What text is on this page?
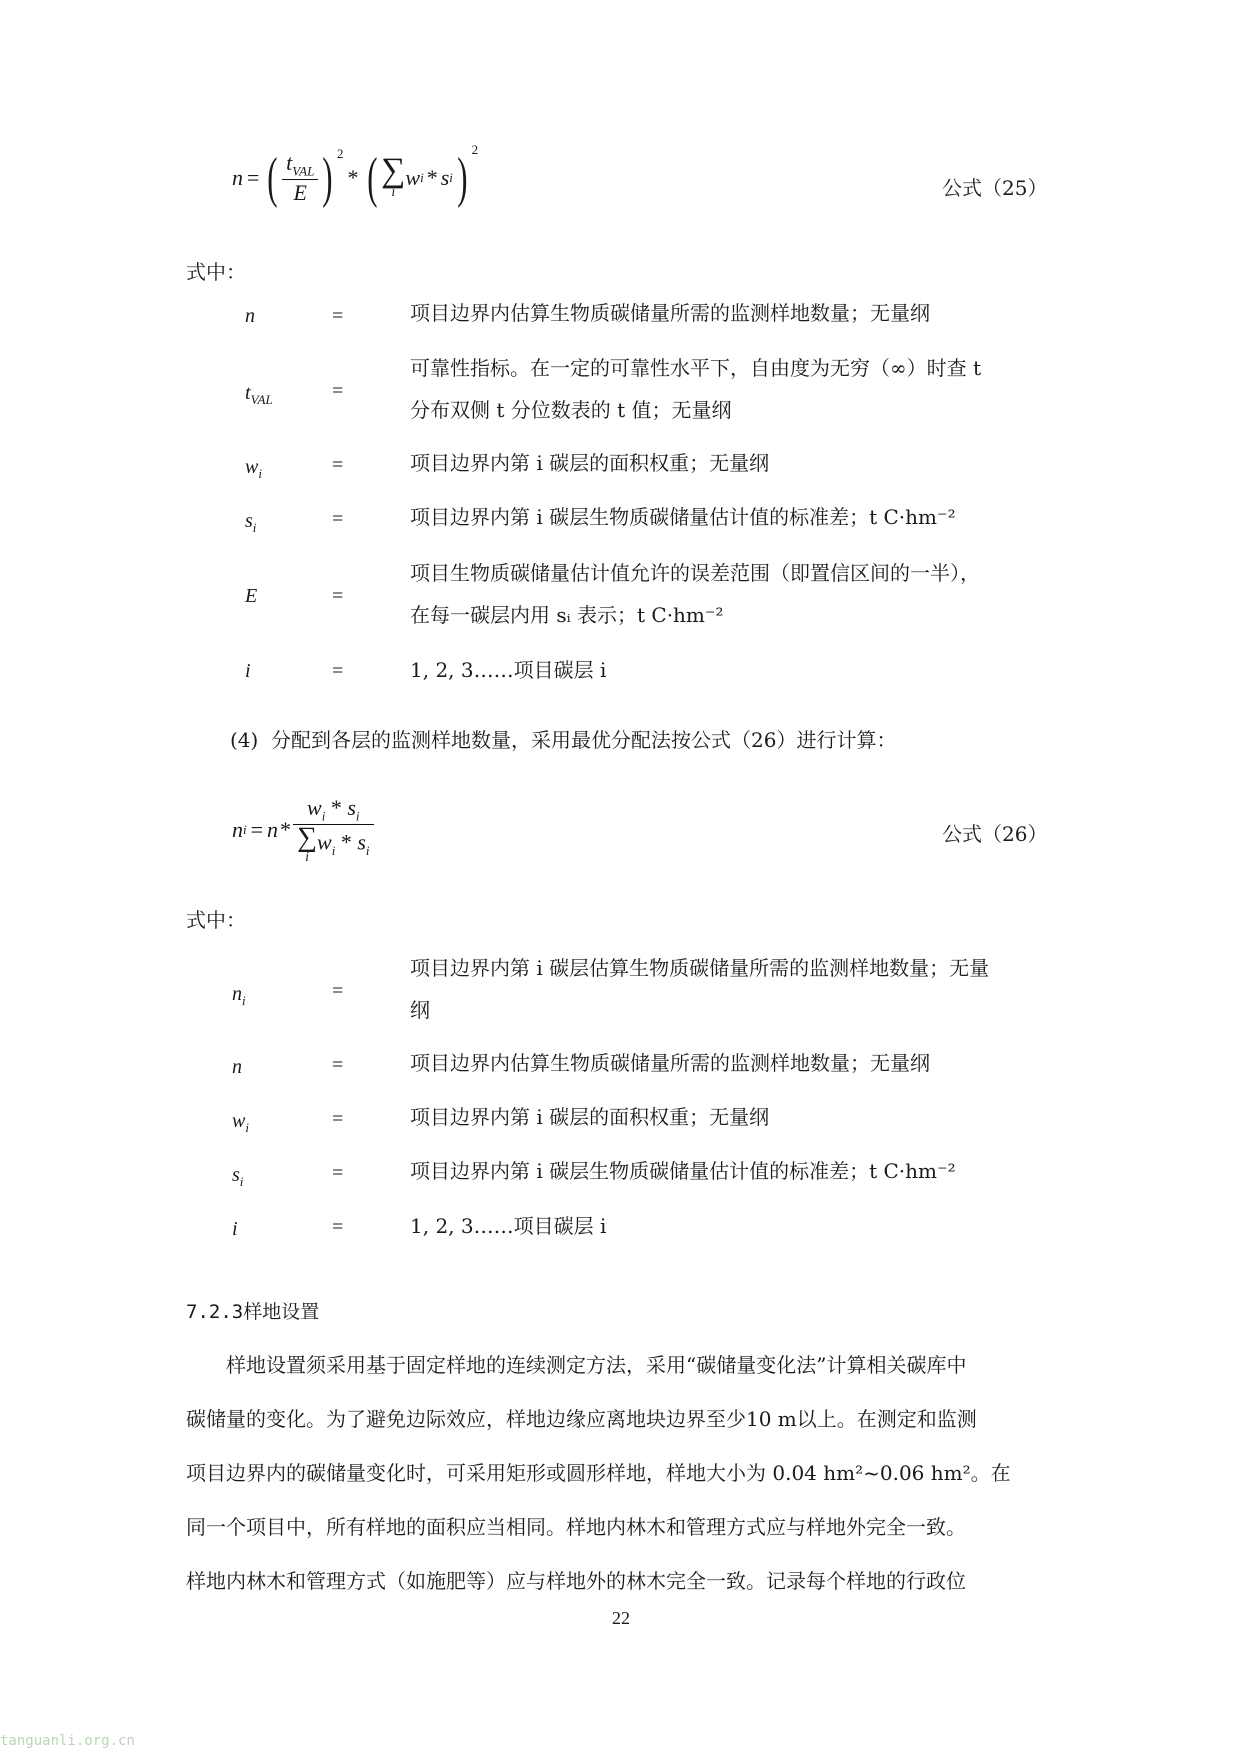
n = ( $\frac{t_{VAL}}{E}$ ) 2
* ( ∑
i
w i * s i ) 2
公式（25）
式中：
n	=	项目边界内估算生物质碳储量所需的监测样地数量；无量纲
$t_{VAL}$	=
可靠性指标。在一定的可靠性水平下，自由度为无穷（∞）时查 t
分布双侧 t 分位数表的 t 值；无量纲
$w_i$	=	项目边界内第 i 碳层的面积权重；无量纲
$s_i$	=	项目边界内第 i 碳层生物质碳储量估计值的标准差；t C·hm⁻²
E	=
项目生物质碳储量估计值允许的误差范围（即置信区间的一半），
在每一碳层内用 sᵢ 表示；t C·hm⁻²
i	=	1, 2, 3……项目碳层 i
(4)  分配到各层的监测样地数量，采用最优分配法按公式（26）进行计算：
n $i = n * w_i * s_i$
∑
i
$w_i * s_i$	公式（26）
式中：
$n_i$	=
项目边界内第 i 碳层估算生物质碳储量所需的监测样地数量；无量
纲
n	=	项目边界内估算生物质碳储量所需的监测样地数量；无量纲
$w_i$	=	项目边界内第 i 碳层的面积权重；无量纲
$s_i$	=	项目边界内第 i 碳层生物质碳储量估计值的标准差；t C·hm⁻²
i	=	1, 2, 3……项目碳层 i
7.2.3样地设置
　　样地设置须采用基于固定样地的连续测定方法，采用“碳储量变化法”计算相关碳库中
碳储量的变化。为了避免边际效应，样地边缘应离地块边界至少10 m以上。在测定和监测
项目边界内的碳储量变化时，可采用矩形或圆形样地，样地大小为 0.04 hm²~0.06 hm²。在
同一个项目中，所有样地的面积应当相同。样地内林木和管理方式应与样地外完全一致。
样地内林木和管理方式（如施肥等）应与样地外的林木完全一致。记录每个样地的行政位
22
tanguanli.org.cn
